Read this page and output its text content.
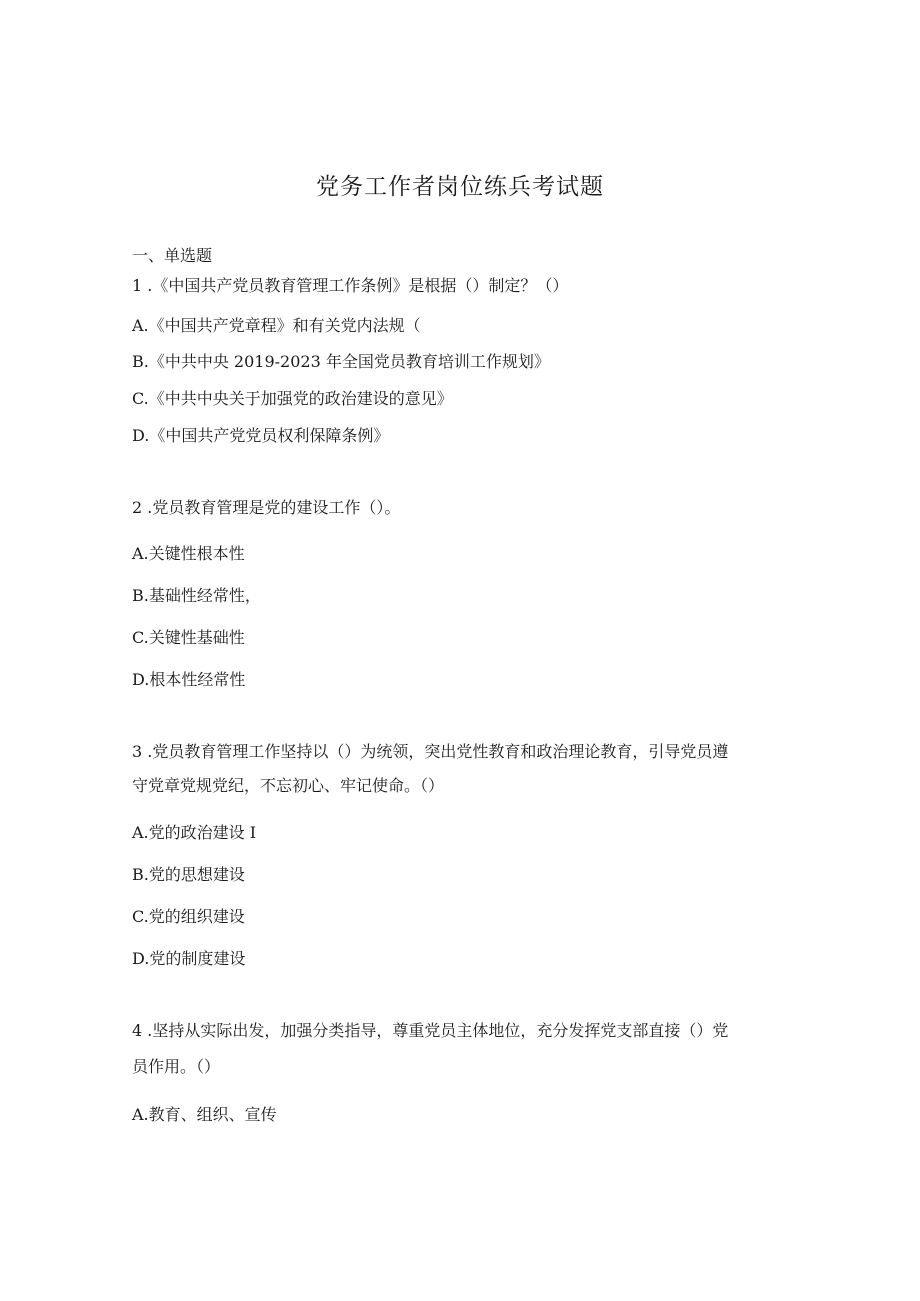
党务工作者岗位练兵考试题
一、单选题
1 .《中国共产党员教育管理工作条例》是根据（）制定？（）
A.《中国共产党章程》和有关党内法规（
B.《中共中央 2019-2023 年全国党员教育培训工作规划》
C.《中共中央关于加强党的政治建设的意见》
D.《中国共产党党员权利保障条例》
2 .党员教育管理是党的建设工作（）。
A.关键性根本性
B.基础性经常性，
C.关键性基础性
D.根本性经常性
3 .党员教育管理工作坚持以（）为统领，突出党性教育和政治理论教育，引导党员遵
守党章党规党纪，不忘初心、牢记使命。（）
A.党的政治建设 I
B.党的思想建设
C.党的组织建设
D.党的制度建设
4 .坚持从实际出发，加强分类指导，尊重党员主体地位，充分发挥党支部直接（）党
员作用。（）
A.教育、组织、宣传
